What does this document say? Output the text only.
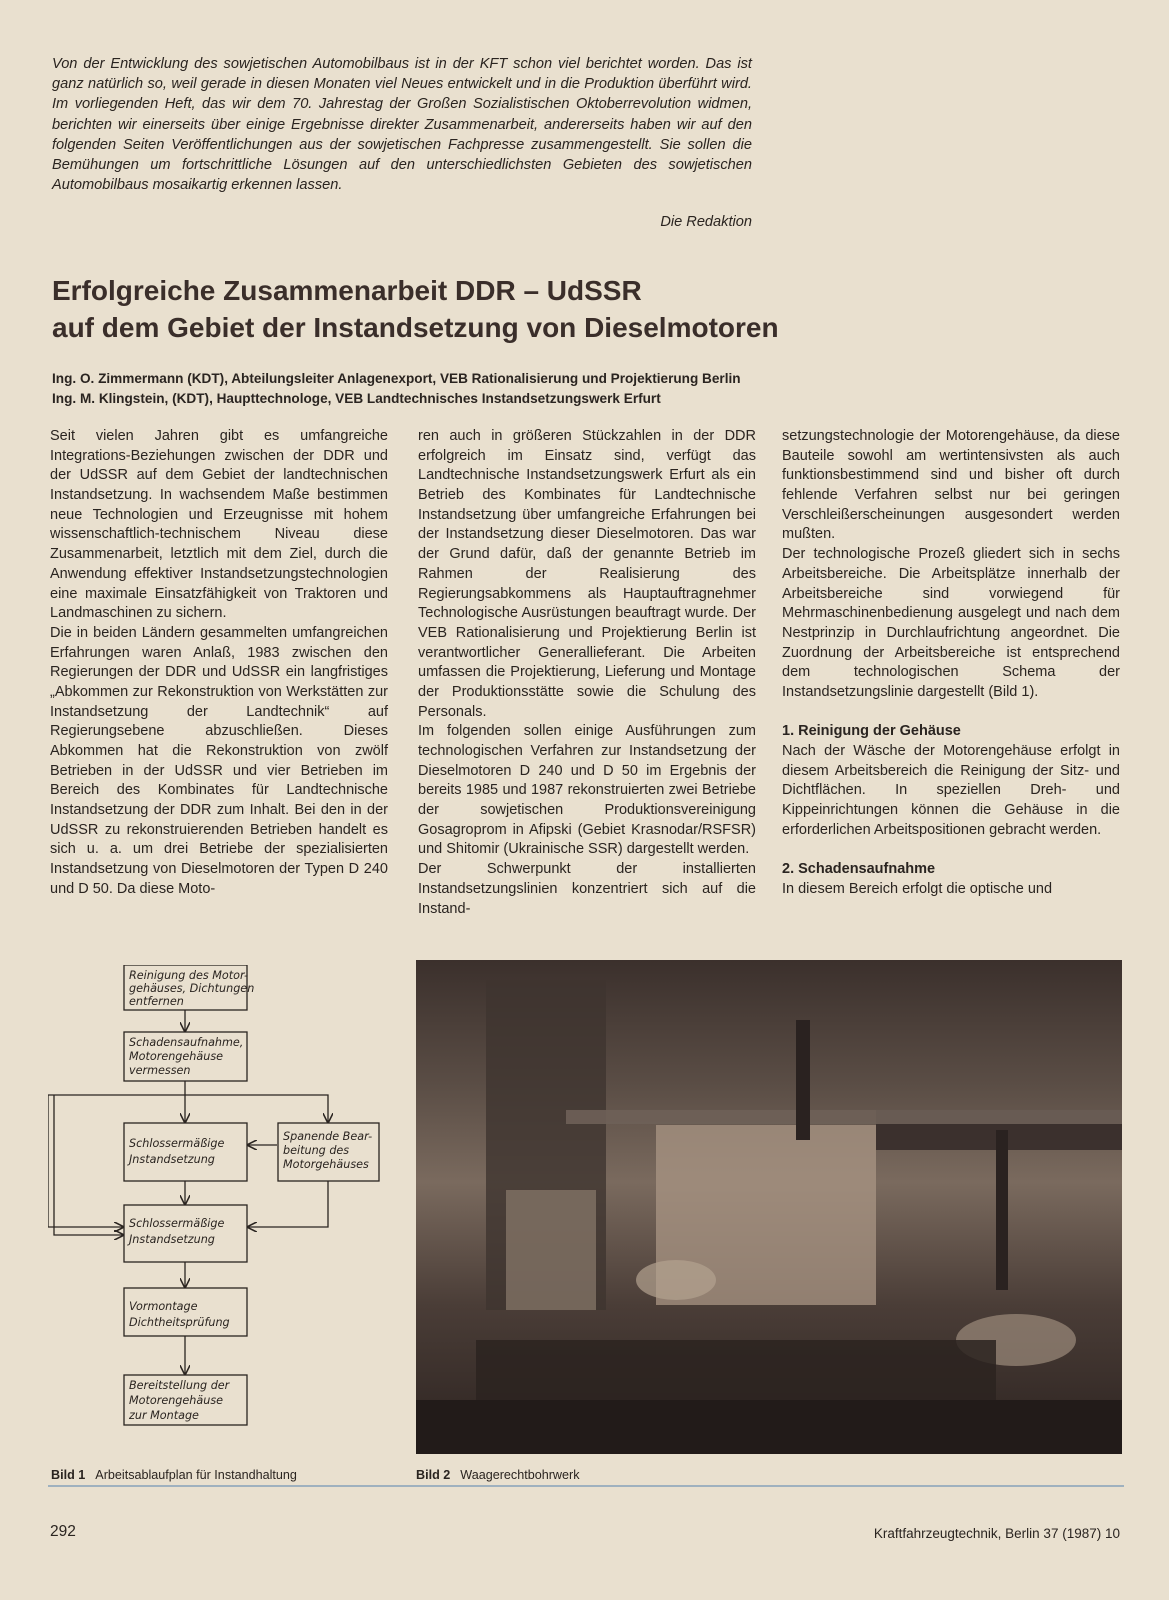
Von der Entwicklung des sowjetischen Automobilbaus ist in der KFT schon viel berichtet worden. Das ist ganz natürlich so, weil gerade in diesen Monaten viel Neues entwickelt und in die Produktion überführt wird. Im vorliegenden Heft, das wir dem 70. Jahrestag der Großen Sozialistischen Oktoberrevolution widmen, berichten wir einerseits über einige Ergebnisse direkter Zusammenarbeit, andererseits haben wir auf den folgenden Seiten Veröffentlichungen aus der sowjetischen Fachpresse zusammengestellt. Sie sollen die Bemühungen um fortschrittliche Lösungen auf den unterschiedlichsten Gebieten des sowjetischen Automobilbaus mosaikartig erkennen lassen.

Die Redaktion

Erfolgreiche Zusammenarbeit DDR – UdSSR
auf dem Gebiet der Instandsetzung von Dieselmotoren

Ing. O. Zimmermann (KDT), Abteilungsleiter Anlagenexport, VEB Rationalisierung und Projektierung Berlin

Ing. M. Klingstein, (KDT), Haupttechnologe, VEB Landtechnisches Instandsetzungswerk Erfurt

Seit vielen Jahren gibt es umfangreiche Integrations-Beziehungen zwischen der DDR und der UdSSR auf dem Gebiet der landtechnischen Instandsetzung. In wachsendem Maße bestimmen neue Technologien und Erzeugnisse mit hohem wissenschaftlich-technischem Niveau diese Zusammenarbeit, letztlich mit dem Ziel, durch die Anwendung effektiver Instandsetzungstechnologien eine maximale Einsatzfähigkeit von Traktoren und Landmaschinen zu sichern.

Die in beiden Ländern gesammelten umfangreichen Erfahrungen waren Anlaß, 1983 zwischen den Regierungen der DDR und UdSSR ein langfristiges „Abkommen zur Rekonstruktion von Werkstätten zur Instandsetzung der Landtechnik“ auf Regierungsebene abzuschließen. Dieses Abkommen hat die Rekonstruktion von zwölf Betrieben in der UdSSR und vier Betrieben im Bereich des Kombinates für Landtechnische Instandsetzung der DDR zum Inhalt. Bei den in der UdSSR zu rekonstruierenden Betrieben handelt es sich u. a. um drei Betriebe der spezialisierten Instandsetzung von Dieselmotoren der Typen D 240 und D 50. Da diese Moto-

ren auch in größeren Stückzahlen in der DDR erfolgreich im Einsatz sind, verfügt das Landtechnische Instandsetzungswerk Erfurt als ein Betrieb des Kombinates für Landtechnische Instandsetzung über umfangreiche Erfahrungen bei der Instandsetzung dieser Dieselmotoren. Das war der Grund dafür, daß der genannte Betrieb im Rahmen der Realisierung des Regierungsabkommens als Hauptauftragnehmer Technologische Ausrüstungen beauftragt wurde. Der VEB Rationalisierung und Projektierung Berlin ist verantwortlicher Generallieferant. Die Arbeiten umfassen die Projektierung, Lieferung und Montage der Produktionsstätte sowie die Schulung des Personals.

Im folgenden sollen einige Ausführungen zum technologischen Verfahren zur Instandsetzung der Dieselmotoren D 240 und D 50 im Ergebnis der bereits 1985 und 1987 rekonstruierten zwei Betriebe der sowjetischen Produktionsvereinigung Gosagroprom in Afipski (Gebiet Krasnodar/RSFSR) und Shitomir (Ukrainische SSR) dargestellt werden.

Der Schwerpunkt der installierten Instandsetzungslinien konzentriert sich auf die Instand-

setzungstechnologie der Motorengehäuse, da diese Bauteile sowohl am wertintensivsten als auch funktionsbestimmend sind und bisher oft durch fehlende Verfahren selbst nur bei geringen Verschleißerscheinungen ausgesondert werden mußten.

Der technologische Prozeß gliedert sich in sechs Arbeitsbereiche. Die Arbeitsplätze innerhalb der Arbeitsbereiche sind vorwiegend für Mehrmaschinenbedienung ausgelegt und nach dem Nestprinzip in Durchlaufrichtung angeordnet. Die Zuordnung der Arbeitsbereiche ist entsprechend dem technologischen Schema der Instandsetzungslinie dargestellt (Bild 1).

1. Reinigung der Gehäuse

Nach der Wäsche der Motorengehäuse erfolgt in diesem Arbeitsbereich die Reinigung der Sitz- und Dichtflächen. In speziellen Dreh- und Kippeinrichtungen können die Gehäuse in die erforderlichen Arbeitspositionen gebracht werden.

2. Schadensaufnahme

In diesem Bereich erfolgt die optische und

Reinigung des Motor-
gehäuses, Dichtungen
entfernen
Schadensaufnahme,
Motorengehäuse
vermessen
Schlossermäßige
Jnstandsetzung
Spanende Bear-
beitung des
Motorgehäuses
Schlossermäßige
Jnstandsetzung
Vormontage
Dichtheitsprüfung
Bereitstellung der
Motorengehäuse
zur Montage

Bild 1 Arbeitsablaufplan für Instandhaltung	Bild 2 Waagerechtbohrwerk

292	Kraftfahrzeugtechnik, Berlin 37 (1987) 10
